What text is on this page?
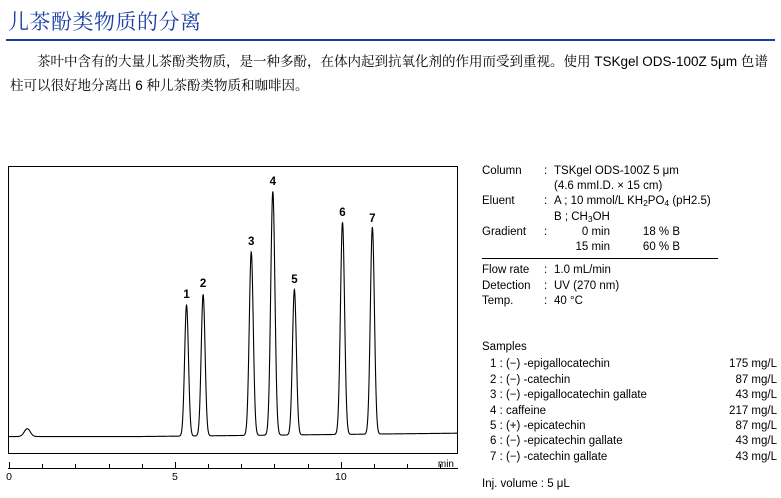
儿茶酚类物质的分离

茶叶中含有的大量儿茶酚类物质，是一种多酚，在体内起到抗氧化剂的作用而受到重视。使用 TSKgel ODS-100Z 5μm 色谱柱可以很好地分离出 6 种儿茶酚类物质和咖啡因。

1
2
3
4
5
6 7
0	5	10
min
Column	: TSKgel ODS-100Z 5 μm
(4.6 mmI.D. × 15 cm)
Eluent	: A ; 10 mmol/L $KH_2PO_4$ (pH2.5)
B ; $CH_3OH$
Gradient	:	0 min	18 % B
15 min	60 % B
Flow rate	: 1.0 mL/min
Detection	: UV (270 nm)
Temp.	: 40 °C
Samples
1 : (−) -epigallocatechin	175 mg/L
2 : (−) -catechin	87 mg/L
3 : (−) -epigallocatechin gallate	43 mg/L
4 : caffeine	217 mg/L
5 : (+) -epicatechin	87 mg/L
6 : (−) -epicatechin gallate	43 mg/L
7 : (−) -catechin gallate	43 mg/L
Inj. volume : 5 μL
